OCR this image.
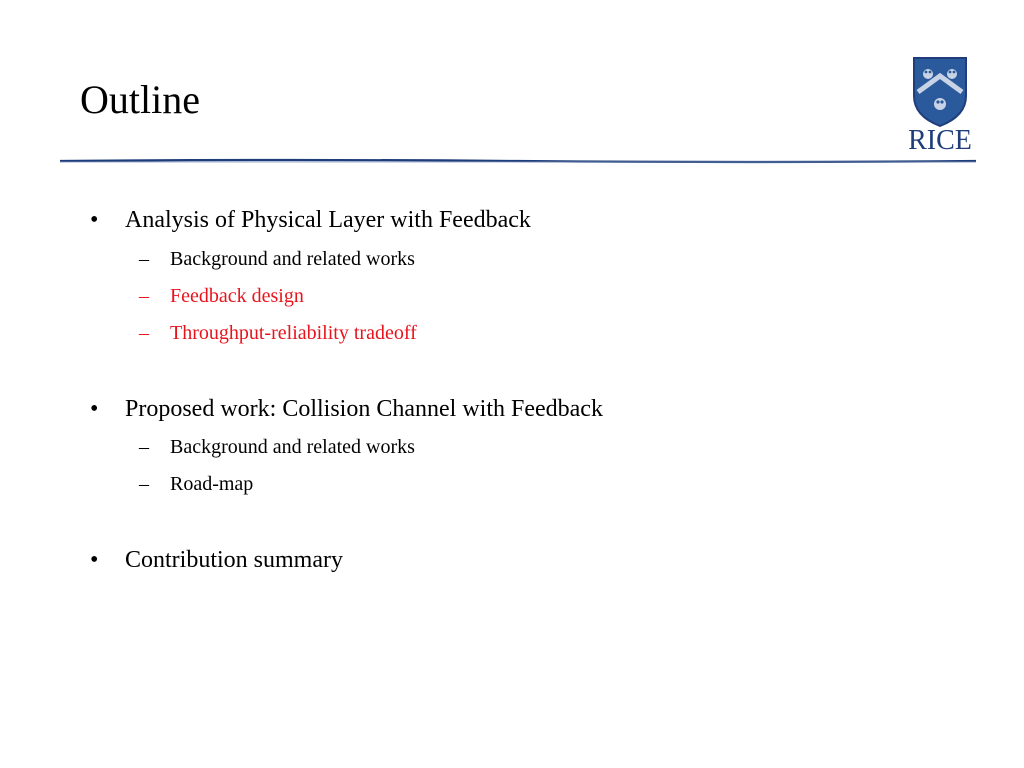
Outline
RICE
• Analysis of Physical Layer with Feedback
– Background and related works
– Feedback design
– Throughput-reliability tradeoff
• Proposed work: Collision Channel with Feedback
– Background and related works
– Road-map
• Contribution summary
